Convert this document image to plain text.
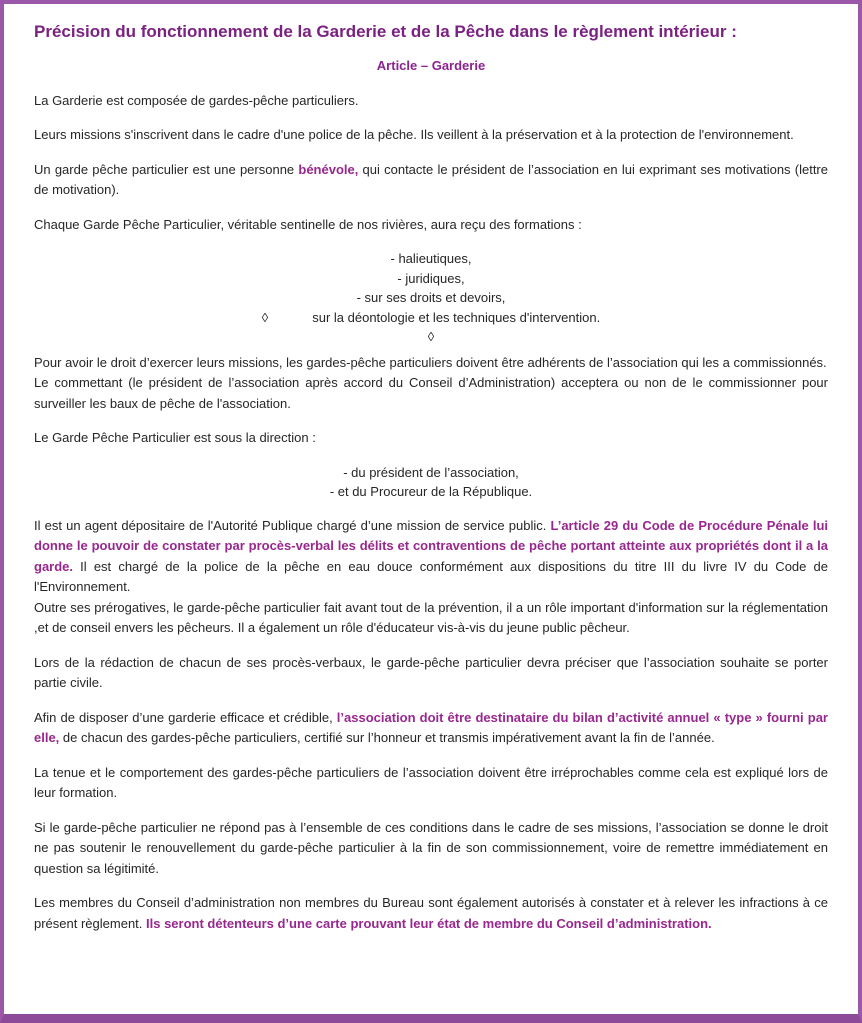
Précision du fonctionnement de la Garderie et de la Pêche dans le règlement intérieur :
Article – Garderie

La Garderie est composée de gardes-pêche particuliers.

Leurs missions s'inscrivent dans le cadre d'une police de la pêche. Ils veillent à la préservation et à la protection de l'environnement.

Un garde pêche particulier est une personne bénévole, qui contacte le président de l’association en lui exprimant ses motivations (lettre de motivation).

Chaque Garde Pêche Particulier, véritable sentinelle de nos rivières, aura reçu des formations :

- halieutiques,
- juridiques,
- sur ses droits et devoirs,
◊	sur la déontologie et les techniques d'intervention.
◊

Pour avoir le droit d’exercer leurs missions, les gardes-pêche particuliers doivent être adhérents de l’association qui les a commissionnés.

Le commettant (le président de l’association après accord du Conseil d’Administration) acceptera ou non de le commissionner pour surveiller les baux de pêche de l'association.

Le Garde Pêche Particulier est sous la direction :

- du président de l’association,
- et du Procureur de la République.

Il est un agent dépositaire de l'Autorité Publique chargé d’une mission de service public. L’article 29 du Code de Procédure Pénale lui donne le pouvoir de constater par procès-verbal les délits et contraventions de pêche portant atteinte aux propriétés dont il a la garde. Il est chargé de la police de la pêche en eau douce conformément aux dispositions du titre III du livre IV du Code de l'Environnement.

Outre ses prérogatives, le garde-pêche particulier fait avant tout de la prévention, il a un rôle important d'information sur la réglementation ,et de conseil envers les pêcheurs. Il a également un rôle d'éducateur vis-à-vis du jeune public pêcheur.

Lors de la rédaction de chacun de ses procès-verbaux, le garde-pêche particulier devra préciser que l’association souhaite se porter partie civile.

Afin de disposer d’une garderie efficace et crédible, l’association doit être destinataire du bilan d’activité annuel « type » fourni par elle, de chacun des gardes-pêche particuliers, certifié sur l’honneur et transmis impérativement avant la fin de l’année.

La tenue et le comportement des gardes-pêche particuliers de l’association doivent être irréprochables comme cela est expliqué lors de leur formation.

Si le garde-pêche particulier ne répond pas à l’ensemble de ces conditions dans le cadre de ses missions, l’association se donne le droit ne pas soutenir le renouvellement du garde-pêche particulier à la fin de son commissionnement, voire de remettre immédiatement en question sa légitimité.

Les membres du Conseil d’administration non membres du Bureau sont également autorisés à constater et à relever les infractions à ce présent règlement. Ils seront détenteurs d’une carte prouvant leur état de membre du Conseil d’administration.
